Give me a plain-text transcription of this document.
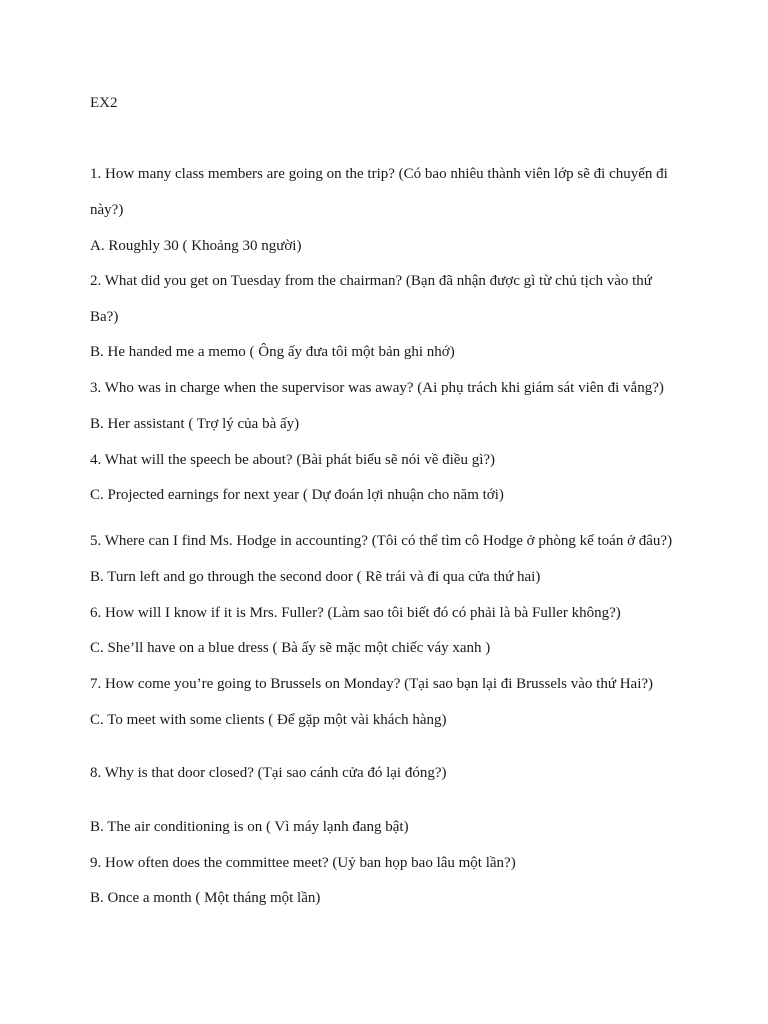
EX2
1. How many class members are going on the trip? (Có bao nhiêu thành viên lớp sẽ đi chuyến đi
này?)
A. Roughly 30 ( Khoảng 30 người)
2. What did you get on Tuesday from the chairman? (Bạn đã nhận được gì từ chủ tịch vào thứ
Ba?)
B. He handed me a memo ( Ông ấy đưa tôi một bản ghi nhớ)
3. Who was in charge when the supervisor was away? (Ai phụ trách khi giám sát viên đi vắng?)
B. Her assistant ( Trợ lý của bà ấy)
4. What will the speech be about? (Bài phát biểu sẽ nói về điều gì?)
C. Projected earnings for next year ( Dự đoán lợi nhuận cho năm tới)
5. Where can I find Ms. Hodge in accounting? (Tôi có thể tìm cô Hodge ở phòng kế toán ở đâu?)
B. Turn left and go through the second door ( Rẽ trái và đi qua cửa thứ hai)
6. How will I know if it is Mrs. Fuller? (Làm sao tôi biết đó có phải là bà Fuller không?)
C. She’ll have on a blue dress ( Bà ấy sẽ mặc một chiếc váy xanh )
7. How come you’re going to Brussels on Monday? (Tại sao bạn lại đi Brussels vào thứ Hai?)
C. To meet with some clients ( Để gặp một vài khách hàng)
8. Why is that door closed? (Tại sao cánh cửa đó lại đóng?)
B. The air conditioning is on ( Vì máy lạnh đang bật)
9. How often does the committee meet? (Uỷ ban họp bao lâu một lần?)
B. Once a month ( Một tháng một lần)
